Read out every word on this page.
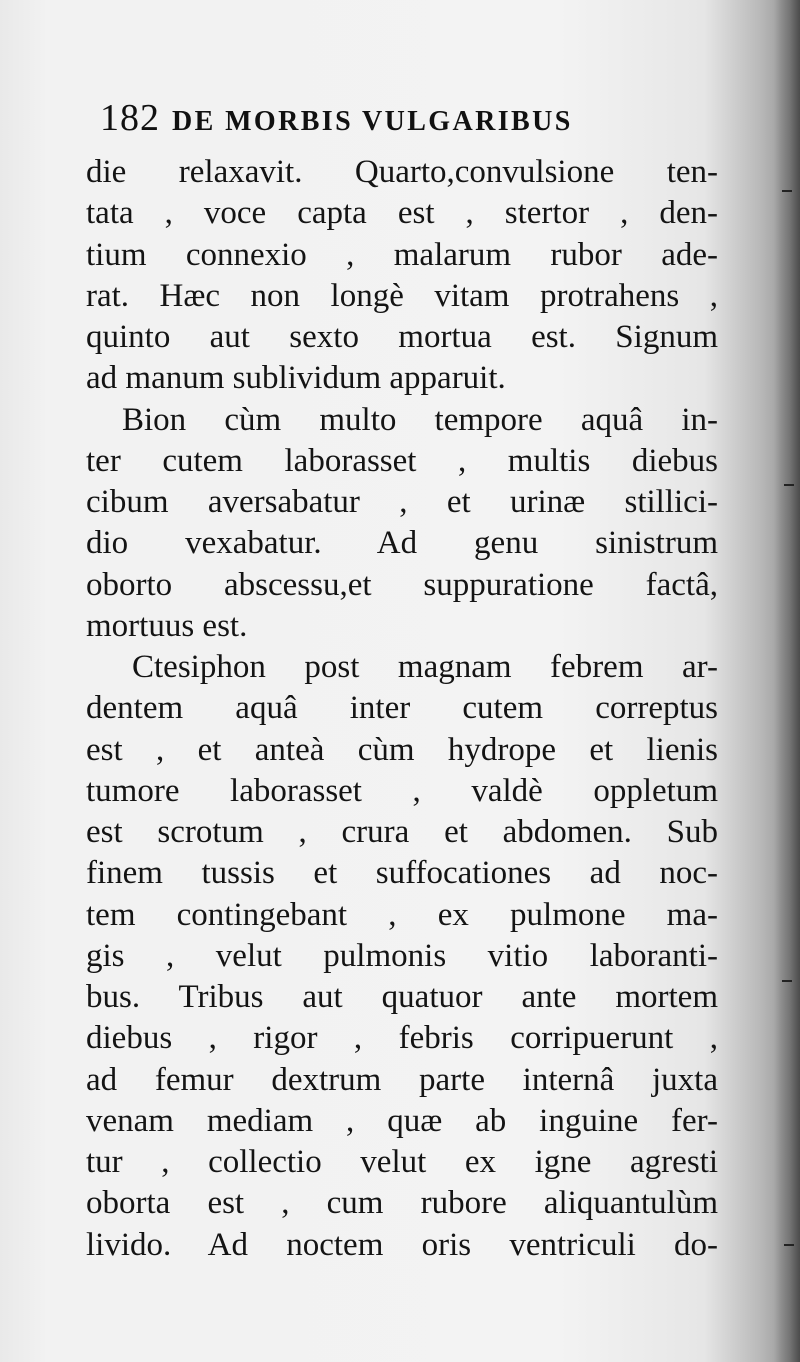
182 DE MORBIS VULGARIBUS
die relaxavit. Quarto,convulsione ten-
tata , voce capta est , stertor , den-
tium connexio , malarum rubor ade-
rat. Hæc non longè vitam protrahens ,
quinto aut sexto mortua est. Signum
ad manum sublividum apparuit.
Bion cùm multo tempore aquâ in-
ter cutem laborasset , multis diebus
cibum aversabatur , et urinæ stillici-
dio vexabatur. Ad genu sinistrum
oborto abscessu,et suppuratione factâ,
mortuus est.
Ctesiphon post magnam febrem ar-
dentem aquâ inter cutem correptus
est , et anteà cùm hydrope et lienis
tumore laborasset , valdè oppletum
est scrotum , crura et abdomen. Sub
finem tussis et suffocationes ad noc-
tem contingebant , ex pulmone ma-
gis , velut pulmonis vitio laboranti-
bus. Tribus aut quatuor ante mortem
diebus , rigor , febris corripuerunt ,
ad femur dextrum parte internâ juxta
venam mediam , quæ ab inguine fer-
tur , collectio velut ex igne agresti
oborta est , cum rubore aliquantulùm
livido. Ad noctem oris ventriculi do-
